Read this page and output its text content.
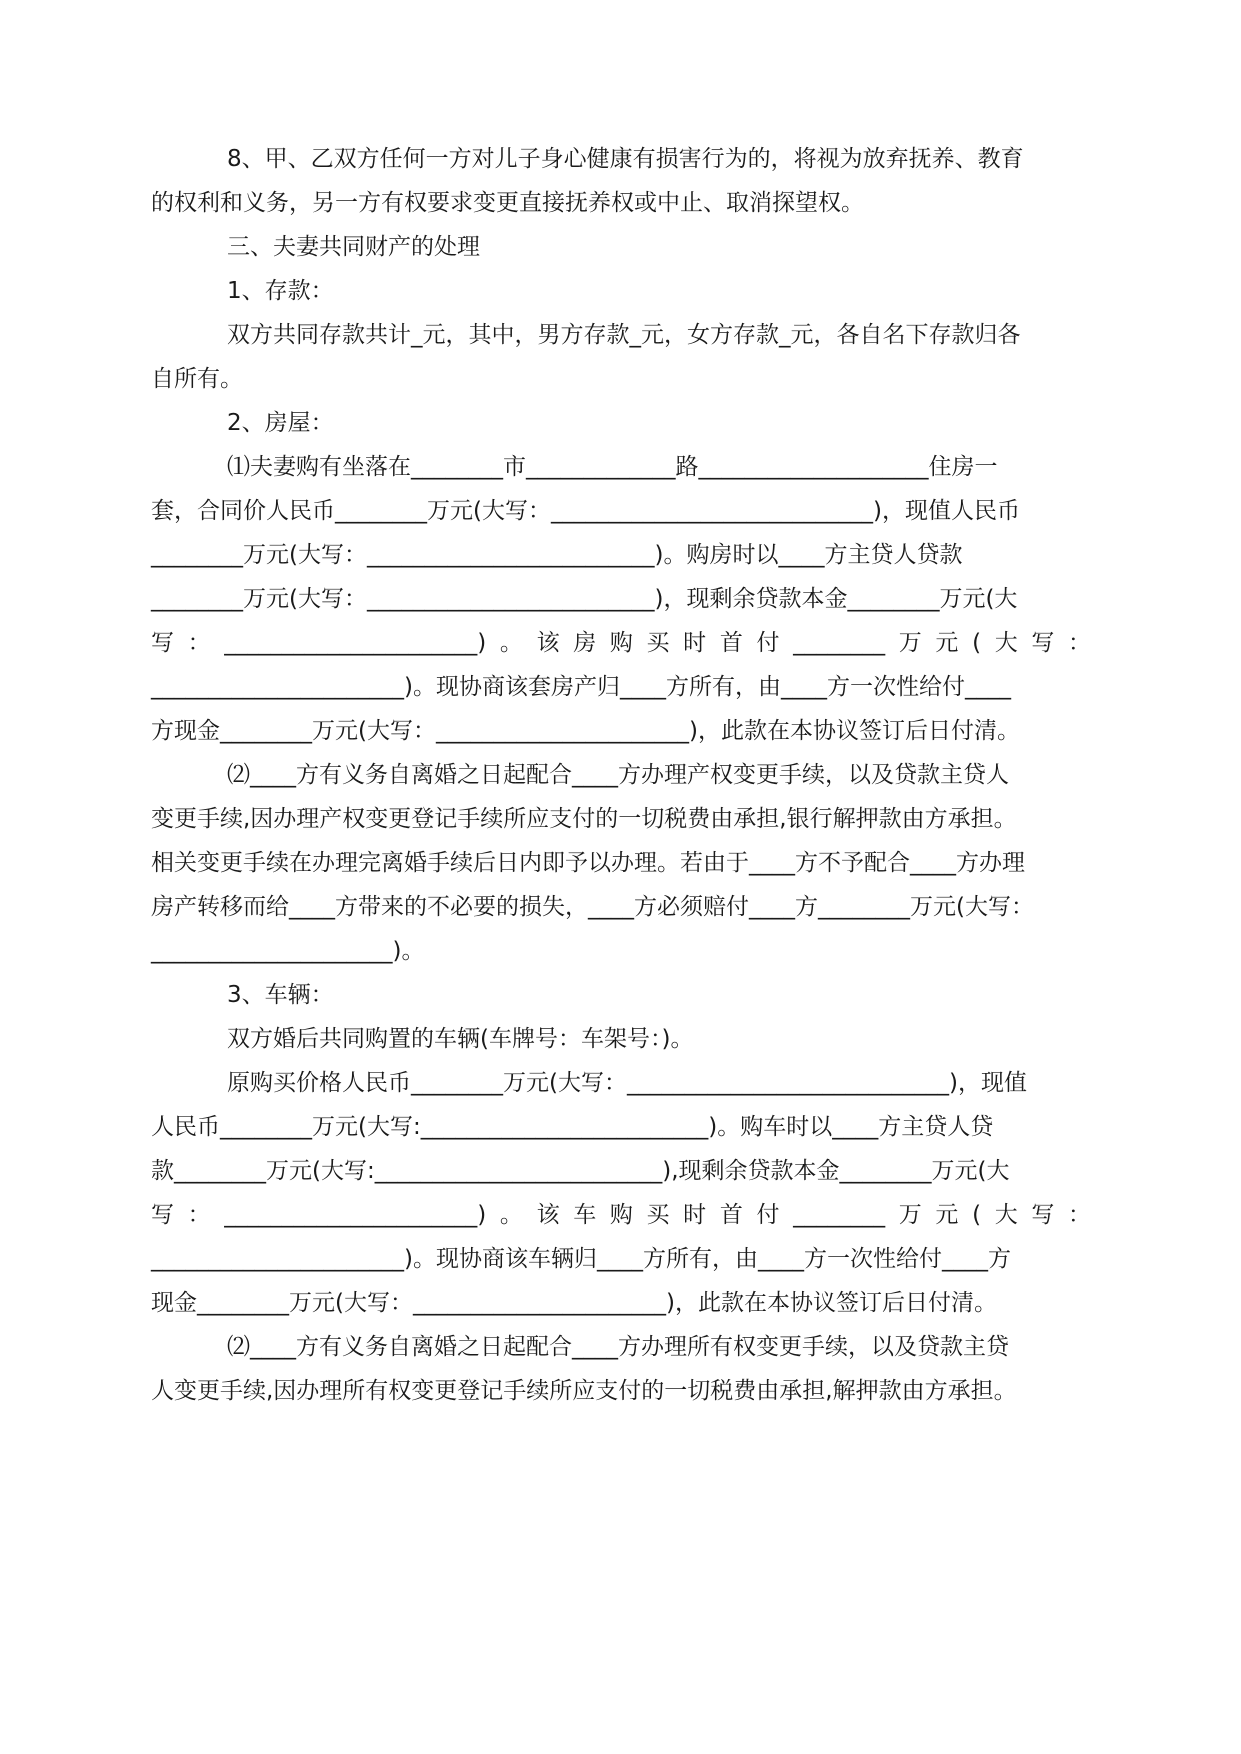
8、甲、乙双方任何一方对儿子身心健康有损害行为的，将视为放弃抚养、教育

的权利和义务，另一方有权要求变更直接抚养权或中止、取消探望权。

三、夫妻共同财产的处理

1、存款：

双方共同存款共计_元，其中，男方存款_元，女方存款_元，各自名下存款归各

自所有。

2、房屋：

⑴夫妻购有坐落在________市_____________路____________________住房一

套，合同价人民币________万元(大写：____________________________)，现值人民币

________万元(大写：_________________________)。购房时以____方主贷人贷款

________万元(大写：_________________________)，现剩余贷款本金________万元(大

写：______________________)。该房购买时首付________万元(大写：

______________________)。现协商该套房产归____方所有，由____方一次性给付____

方现金________万元(大写：______________________)，此款在本协议签订后日付清。

⑵____方有义务自离婚之日起配合____方办理产权变更手续，以及贷款主贷人

变更手续,因办理产权变更登记手续所应支付的一切税费由承担,银行解押款由方承担。

相关变更手续在办理完离婚手续后日内即予以办理。若由于____方不予配合____方办理

房产转移而给____方带来的不必要的损失，____方必须赔付____方________万元(大写：

_____________________)。

3、车辆：

双方婚后共同购置的车辆(车牌号：车架号：)。

原购买价格人民币________万元(大写：____________________________)，现值

人民币________万元(大写:_________________________)。购车时以____方主贷人贷

款________万元(大写:_________________________),现剩余贷款本金________万元(大

写：______________________)。该车购买时首付________万元(大写：

______________________)。现协商该车辆归____方所有，由____方一次性给付____方

现金________万元(大写：______________________)，此款在本协议签订后日付清。

⑵____方有义务自离婚之日起配合____方办理所有权变更手续，以及贷款主贷

人变更手续,因办理所有权变更登记手续所应支付的一切税费由承担,解押款由方承担。
